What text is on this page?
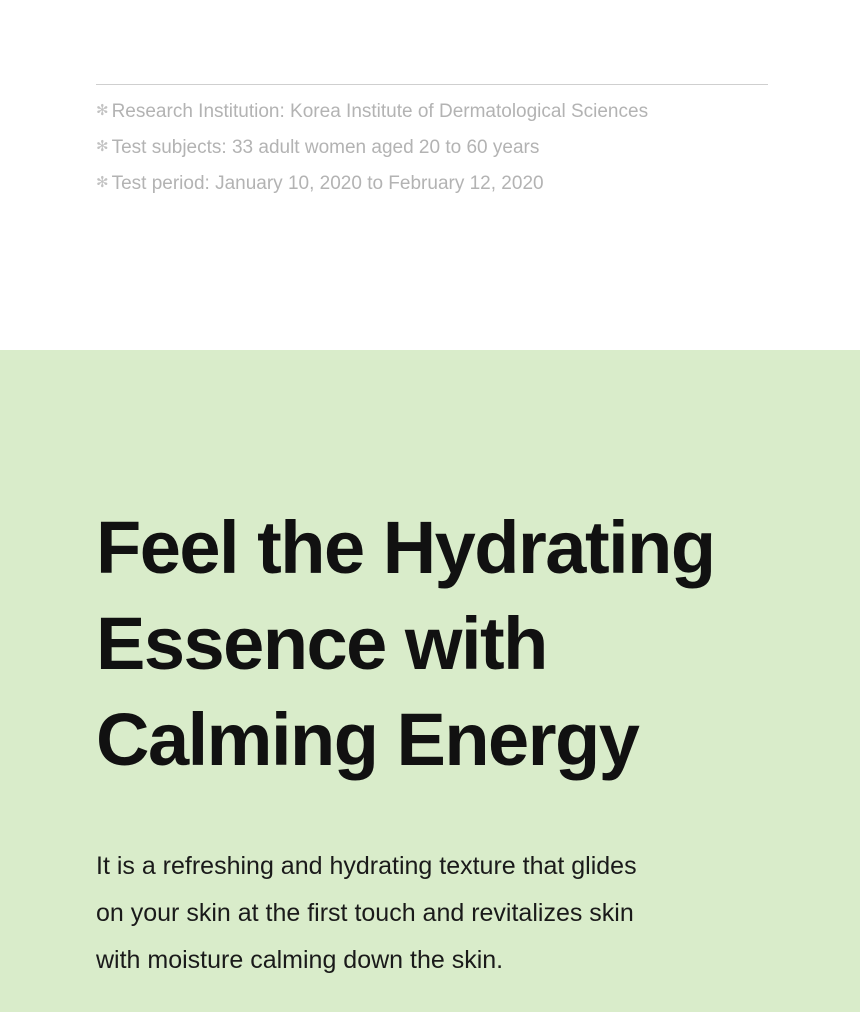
✻ Research Institution: Korea Institute of Dermatological Sciences
✻ Test subjects: 33 adult women aged 20 to 60 years
✻ Test period: January 10, 2020 to February 12, 2020
Feel the Hydrating
Essence with
Calming Energy

It is a refreshing and hydrating texture that glides
on your skin at the first touch and revitalizes skin
with moisture calming down the skin.
